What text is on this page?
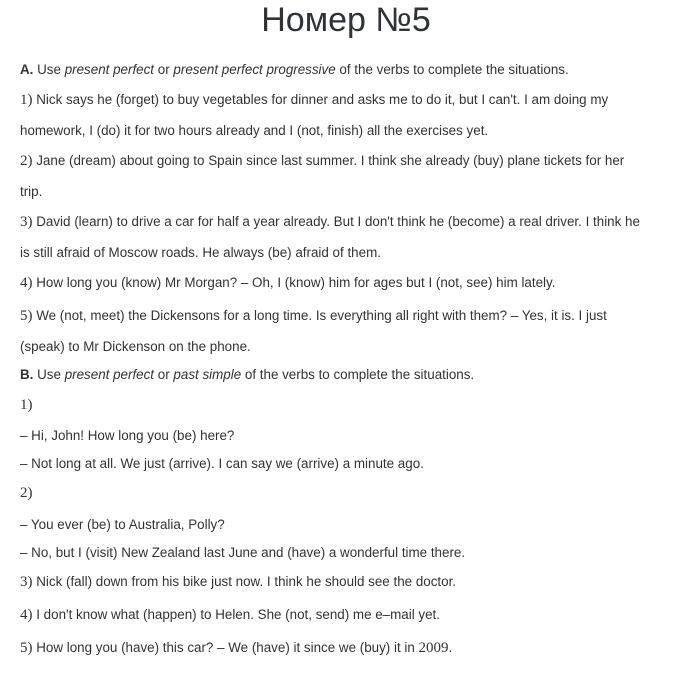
Номер №5
A. Use present perfect or present perfect progressive of the verbs to complete the situations.
1) Nick says he (forget) to buy vegetables for dinner and asks me to do it, but I can't. I am doing my
homework, I (do) it for two hours already and I (not, finish) all the exercises yet.
2) Jane (dream) about going to Spain since last summer. I think she already (buy) plane tickets for her
trip.
3) David (learn) to drive a car for half a year already. But I don't think he (become) a real driver. I think he
is still afraid of Moscow roads. He always (be) afraid of them.
4) How long you (know) Mr Morgan? – Oh, I (know) him for ages but I (not, see) him lately.
5) We (not, meet) the Dickensons for a long time. Is everything all right with them? – Yes, it is. I just
(speak) to Mr Dickenson on the phone.
B. Use present perfect or past simple of the verbs to complete the situations.
1)
– Hi, John! How long you (be) here?
– Not long at all. We just (arrive). I can say we (arrive) a minute ago.
2)
– You ever (be) to Australia, Polly?
– No, but I (visit) New Zealand last June and (have) a wonderful time there.
3) Nick (fall) down from his bike just now. I think he should see the doctor.
4) I don't know what (happen) to Helen. She (not, send) me e–mail yet.
5) How long you (have) this car? – We (have) it since we (buy) it in 2009.
